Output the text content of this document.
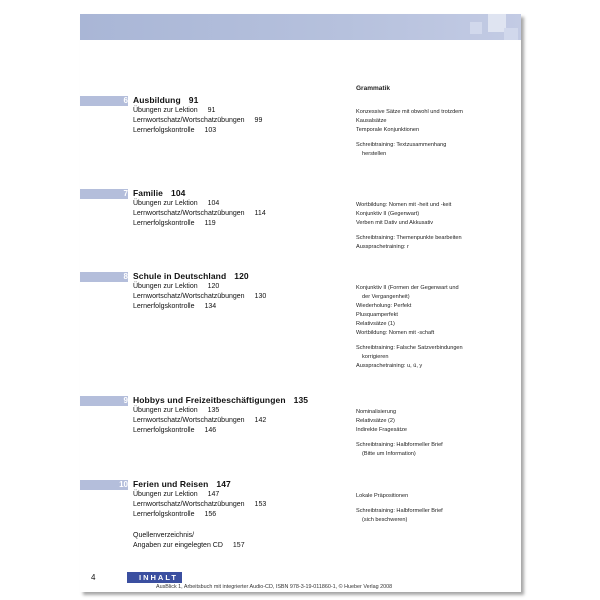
Grammatik
6 Ausbildung 91
Übungen zur Lektion 91
Lernwortschatz/Wortschatzübungen 99
Lernerfolgskontrolle 103
Konzessive Sätze mit obwohl und trotzdem
Kausalsätze
Temporale Konjunktionen
Schreibtraining: Textzusammenhang
herstellen
7 Familie 104
Übungen zur Lektion 104
Lernwortschatz/Wortschatzübungen 114
Lernerfolgskontrolle 119
Wortbildung: Nomen mit -heit und -keit
Konjunktiv II (Gegenwart)
Verben mit Dativ und Akkusativ
Schreibtraining: Themenpunkte bearbeiten
Aussprachetraining: r
8 Schule in Deutschland 120
Übungen zur Lektion 120
Lernwortschatz/Wortschatzübungen 130
Lernerfolgskontrolle 134
Konjunktiv II (Formen der Gegenwart und
der Vergangenheit)
Wiederholung: Perfekt
Plusquamperfekt
Relativsätze (1)
Wortbildung: Nomen mit -schaft
Schreibtraining: Falsche Satzverbindungen
korrigieren
Aussprachetraining: u, ü, y
9 Hobbys und Freizeitbeschäftigungen 135
Übungen zur Lektion 135
Lernwortschatz/Wortschatzübungen 142
Lernerfolgskontrolle 146
Nominalisierung
Relativsätze (2)
Indirekte Fragesätze
Schreibtraining: Halbformeller Brief
(Bitte um Information)
10 Ferien und Reisen 147
Übungen zur Lektion 147
Lernwortschatz/Wortschatzübungen 153
Lernerfolgskontrolle 156
Lokale Präpositionen
Schreibtraining: Halbformeller Brief
(sich beschweren)
Quellenverzeichnis/
Angaben zur eingelegten CD 157
4	INHALT
AusBlick 1, Arbeitsbuch mit integrierter Audio-CD, ISBN 978-3-19-011860-1, © Hueber Verlag 2008
